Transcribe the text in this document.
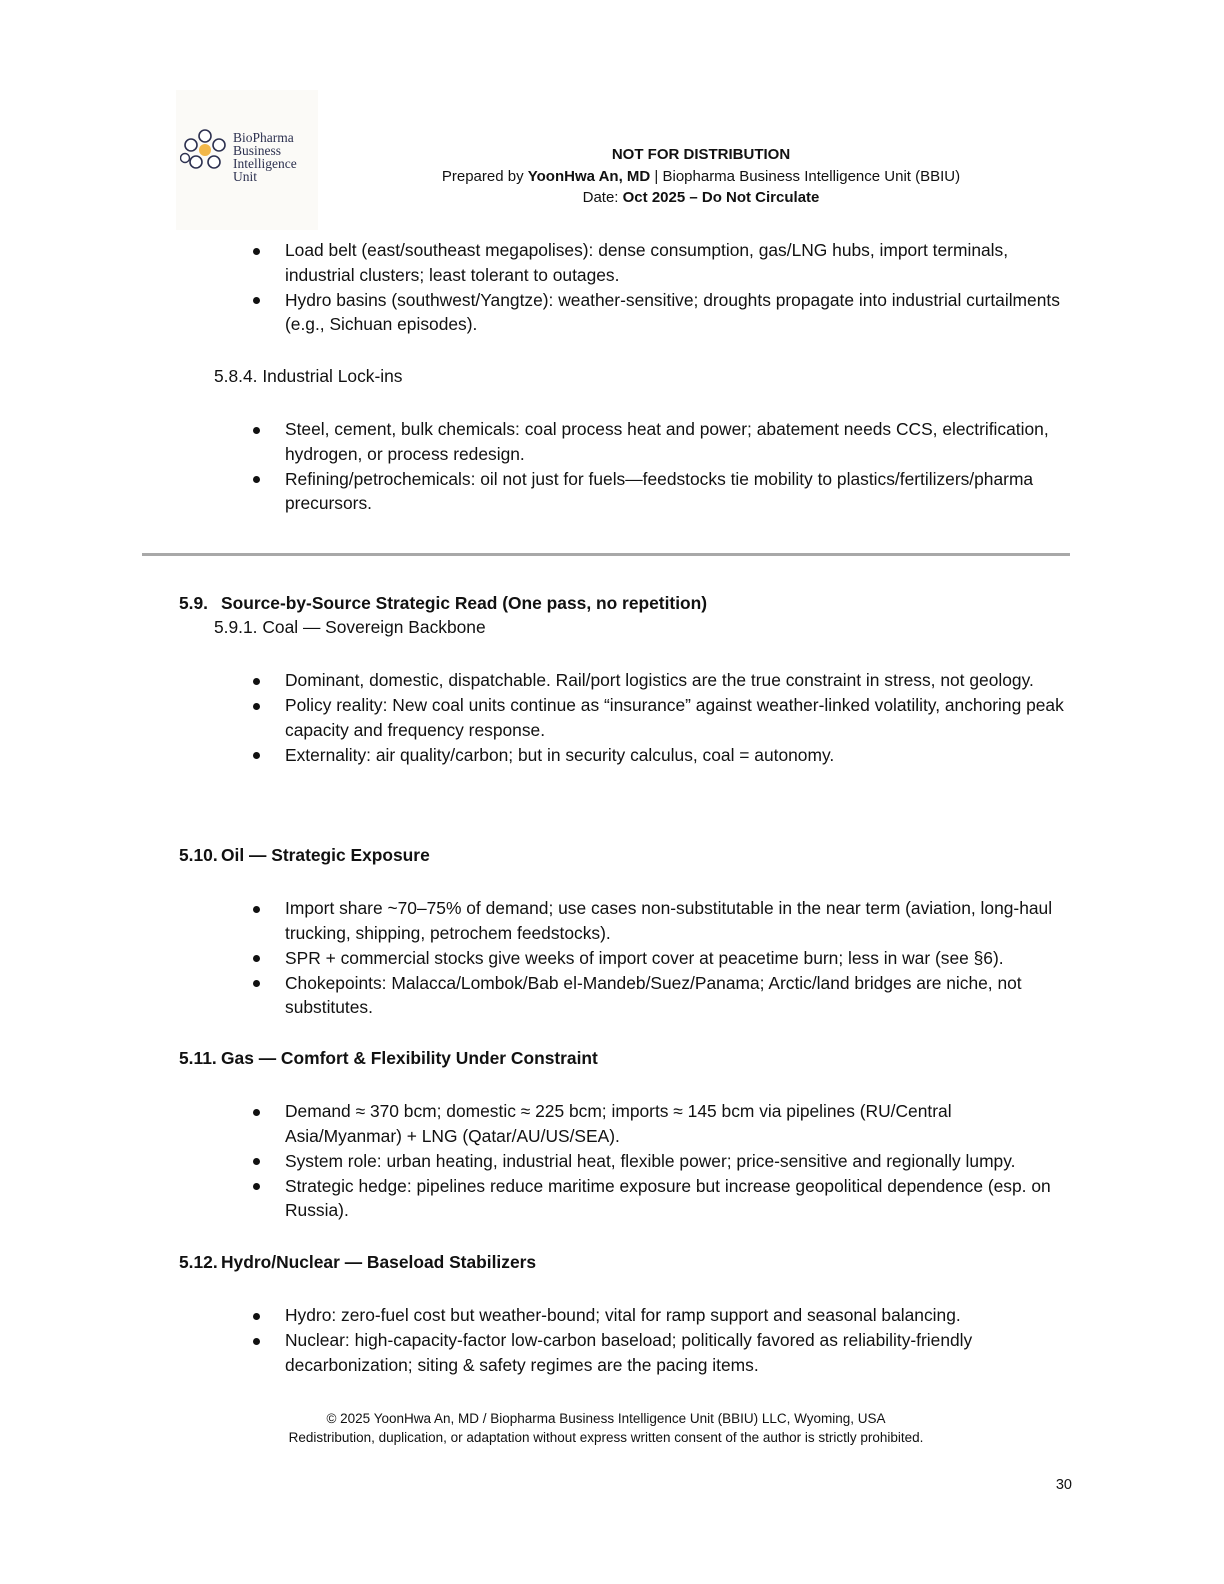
BioPharma
Business
Intelligence
Unit
NOT FOR DISTRIBUTION
Prepared by YoonHwa An, MD | Biopharma Business Intelligence Unit (BBIU)
Date: Oct 2025 – Do Not Circulate
Load belt (east/southeast megapolises): dense consumption, gas/LNG hubs, import terminals, industrial clusters; least tolerant to outages.
Hydro basins (southwest/Yangtze): weather-sensitive; droughts propagate into industrial curtailments (e.g., Sichuan episodes).
5.8.4. Industrial Lock-ins
Steel, cement, bulk chemicals: coal process heat and power; abatement needs CCS, electrification, hydrogen, or process redesign.
Refining/petrochemicals: oil not just for fuels—feedstocks tie mobility to plastics/fertilizers/pharma precursors.
5.9. Source-by-Source Strategic Read (One pass, no repetition)
5.9.1. Coal — Sovereign Backbone
Dominant, domestic, dispatchable. Rail/port logistics are the true constraint in stress, not geology.
Policy reality: New coal units continue as “insurance” against weather-linked volatility, anchoring peak capacity and frequency response.
Externality: air quality/carbon; but in security calculus, coal = autonomy.
5.10. Oil — Strategic Exposure
Import share ~70–75% of demand; use cases non-substitutable in the near term (aviation, long-haul trucking, shipping, petrochem feedstocks).
SPR + commercial stocks give weeks of import cover at peacetime burn; less in war (see §6).
Chokepoints: Malacca/Lombok/Bab el-Mandeb/Suez/Panama; Arctic/land bridges are niche, not substitutes.
5.11. Gas — Comfort & Flexibility Under Constraint
Demand ≈ 370 bcm; domestic ≈ 225 bcm; imports ≈ 145 bcm via pipelines (RU/Central Asia/Myanmar) + LNG (Qatar/AU/US/SEA).
System role: urban heating, industrial heat, flexible power; price-sensitive and regionally lumpy.
Strategic hedge: pipelines reduce maritime exposure but increase geopolitical dependence (esp. on Russia).
5.12. Hydro/Nuclear — Baseload Stabilizers
Hydro: zero-fuel cost but weather-bound; vital for ramp support and seasonal balancing.
Nuclear: high-capacity-factor low-carbon baseload; politically favored as reliability-friendly decarbonization; siting & safety regimes are the pacing items.
© 2025 YoonHwa An, MD / Biopharma Business Intelligence Unit (BBIU) LLC, Wyoming, USA
Redistribution, duplication, or adaptation without express written consent of the author is strictly prohibited.
30
